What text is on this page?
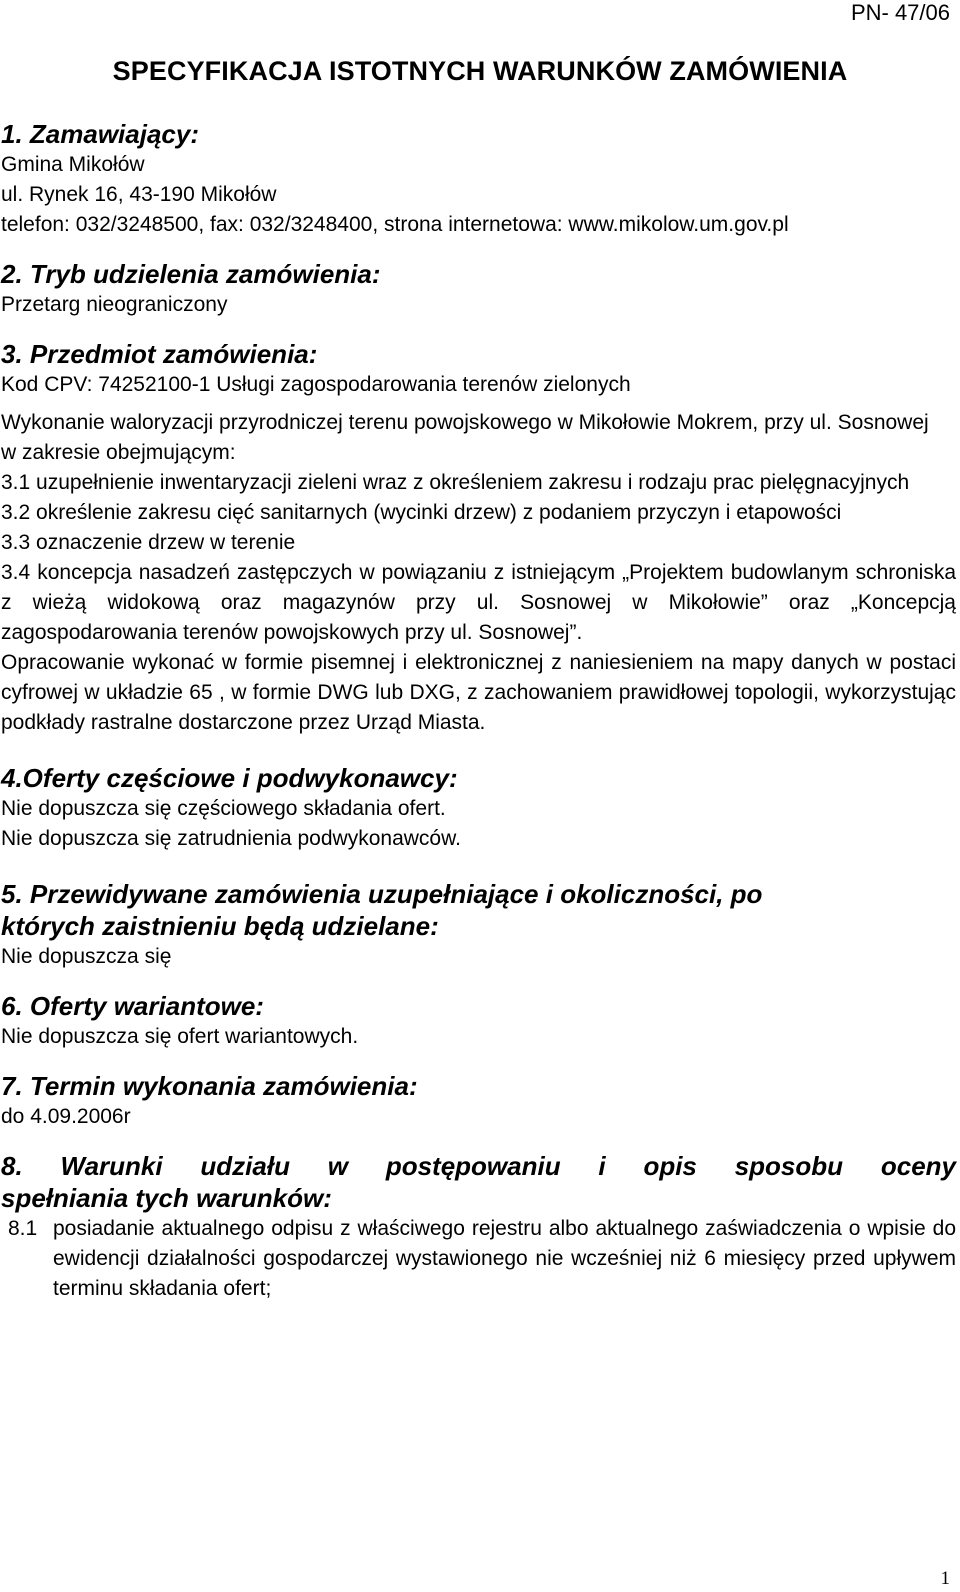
PN- 47/06
SPECYFIKACJA ISTOTNYCH WARUNKÓW ZAMÓWIENIA
1. Zamawiający:
Gmina Mikołów
ul. Rynek 16, 43-190 Mikołów
telefon: 032/3248500, fax: 032/3248400, strona internetowa: www.mikolow.um.gov.pl
2. Tryb udzielenia zamówienia:
Przetarg nieograniczony
3. Przedmiot zamówienia:
Kod CPV: 74252100-1 Usługi zagospodarowania terenów zielonych
Wykonanie waloryzacji przyrodniczej terenu powojskowego w Mikołowie Mokrem, przy ul. Sosnowej
w zakresie obejmującym:
3.1 uzupełnienie inwentaryzacji zieleni wraz z określeniem zakresu i rodzaju prac pielęgnacyjnych
3.2 określenie zakresu cięć sanitarnych (wycinki drzew) z podaniem przyczyn i etapowości
3.3 oznaczenie drzew w terenie
3.4 koncepcja nasadzeń zastępczych w powiązaniu z istniejącym „Projektem budowlanym schroniska z wieżą widokową oraz magazynów przy ul. Sosnowej w Mikołowie” oraz „Koncepcją zagospodarowania terenów powojskowych przy ul. Sosnowej”.
Opracowanie wykonać w formie pisemnej i elektronicznej z naniesieniem na mapy danych w postaci cyfrowej w układzie 65 , w formie DWG lub DXG, z zachowaniem prawidłowej topologii, wykorzystując podkłady rastralne dostarczone przez Urząd Miasta.
4.Oferty częściowe i podwykonawcy:
Nie dopuszcza się częściowego składania ofert.
Nie dopuszcza się zatrudnienia podwykonawców.
5. Przewidywane zamówienia uzupełniające i okoliczności, po
których zaistnieniu będą udzielane:
Nie dopuszcza się
6. Oferty wariantowe:
Nie dopuszcza się ofert wariantowych.
7. Termin wykonania zamówienia:
do 4.09.2006r
8. Warunki udziału w postępowaniu i opis sposobu oceny
spełniania tych warunków:
8.1 posiadanie aktualnego odpisu z właściwego rejestru albo aktualnego zaświadczenia o wpisie do ewidencji działalności gospodarczej wystawionego nie wcześniej niż 6 miesięcy przed upływem terminu składania ofert;
1
